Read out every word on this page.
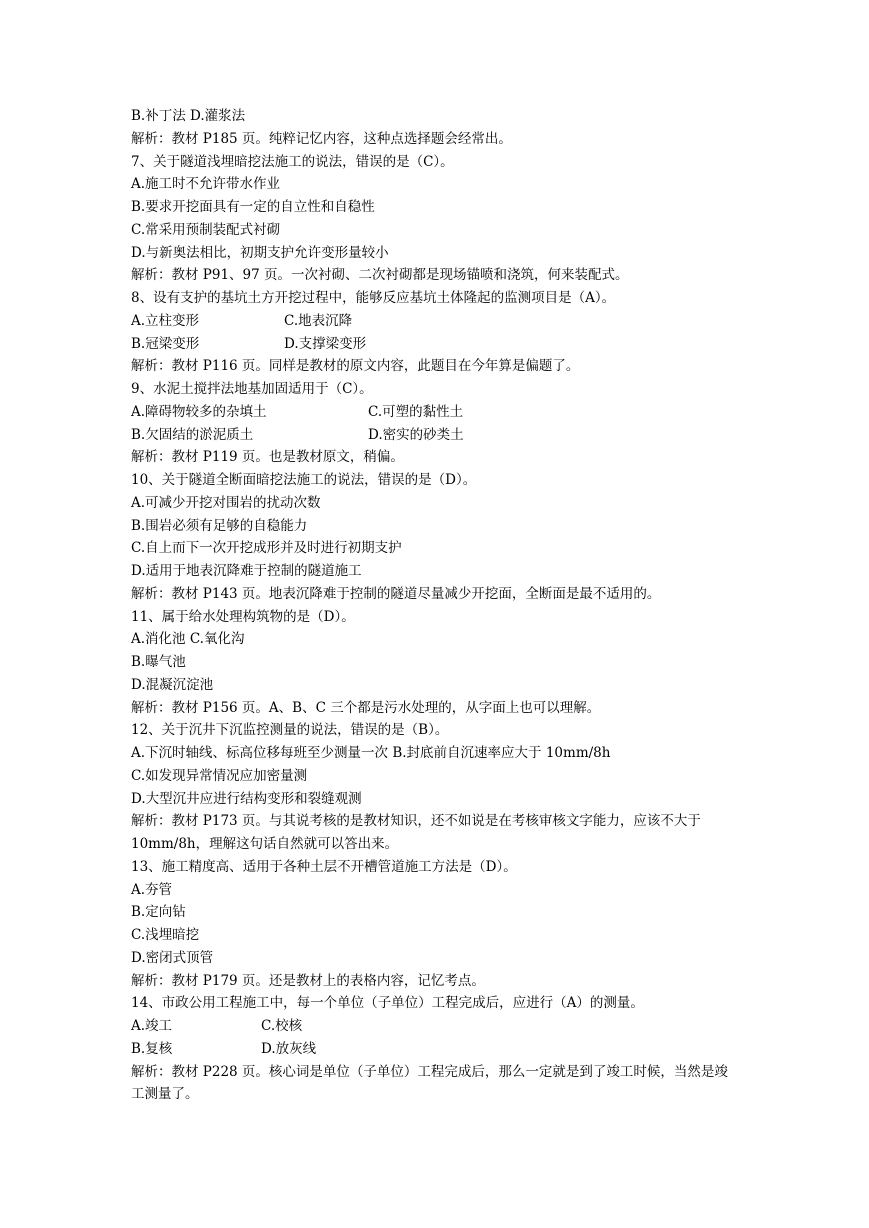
B.补丁法 D.灌浆法
解析：教材 P185 页。纯粹记忆内容，这种点选择题会经常出。
7、关于隧道浅埋暗挖法施工的说法，错误的是（C）。
A.施工时不允许带水作业
B.要求开挖面具有一定的自立性和自稳性
C.常采用预制装配式衬砌
D.与新奥法相比，初期支护允许变形量较小
解析：教材 P91、97 页。一次衬砌、二次衬砌都是现场锚喷和浇筑，何来装配式。
8、设有支护的基坑土方开挖过程中，能够反应基坑土体隆起的监测项目是（A）。
A.立柱变形	C.地表沉降
B.冠梁变形	D.支撑梁变形
解析：教材 P116 页。同样是教材的原文内容，此题目在今年算是偏题了。
9、水泥土搅拌法地基加固适用于（C）。
A.障碍物较多的杂填土	C.可塑的黏性土
B.欠固结的淤泥质土	D.密实的砂类土
解析：教材 P119 页。也是教材原文，稍偏。
10、关于隧道全断面暗挖法施工的说法，错误的是（D）。
A.可减少开挖对围岩的扰动次数
B.围岩必须有足够的自稳能力
C.自上而下一次开挖成形并及时进行初期支护
D.适用于地表沉降难于控制的隧道施工
解析：教材 P143 页。地表沉降难于控制的隧道尽量减少开挖面，全断面是最不适用的。
11、属于给水处理构筑物的是（D）。
A.消化池 C.氧化沟
B.曝气池
D.混凝沉淀池
解析：教材 P156 页。A、B、C 三个都是污水处理的，从字面上也可以理解。
12、关于沉井下沉监控测量的说法，错误的是（B）。
A.下沉时轴线、标高位移每班至少测量一次 B.封底前自沉速率应大于 10mm/8h
C.如发现异常情况应加密量测
D.大型沉井应进行结构变形和裂缝观测
解析：教材 P173 页。与其说考核的是教材知识，还不如说是在考核审核文字能力，应该不大于 10mm/8h，理解这句话自然就可以答出来。
13、施工精度高、适用于各种土层不开槽管道施工方法是（D）。
A.夯管
B.定向钻
C.浅埋暗挖
D.密闭式顶管
解析：教材 P179 页。还是教材上的表格内容，记忆考点。
14、市政公用工程施工中，每一个单位（子单位）工程完成后，应进行（A）的测量。
A.竣工	C.校核
B.复核	D.放灰线
解析：教材 P228 页。核心词是单位（子单位）工程完成后，那么一定就是到了竣工时候，当然是竣工测量了。
